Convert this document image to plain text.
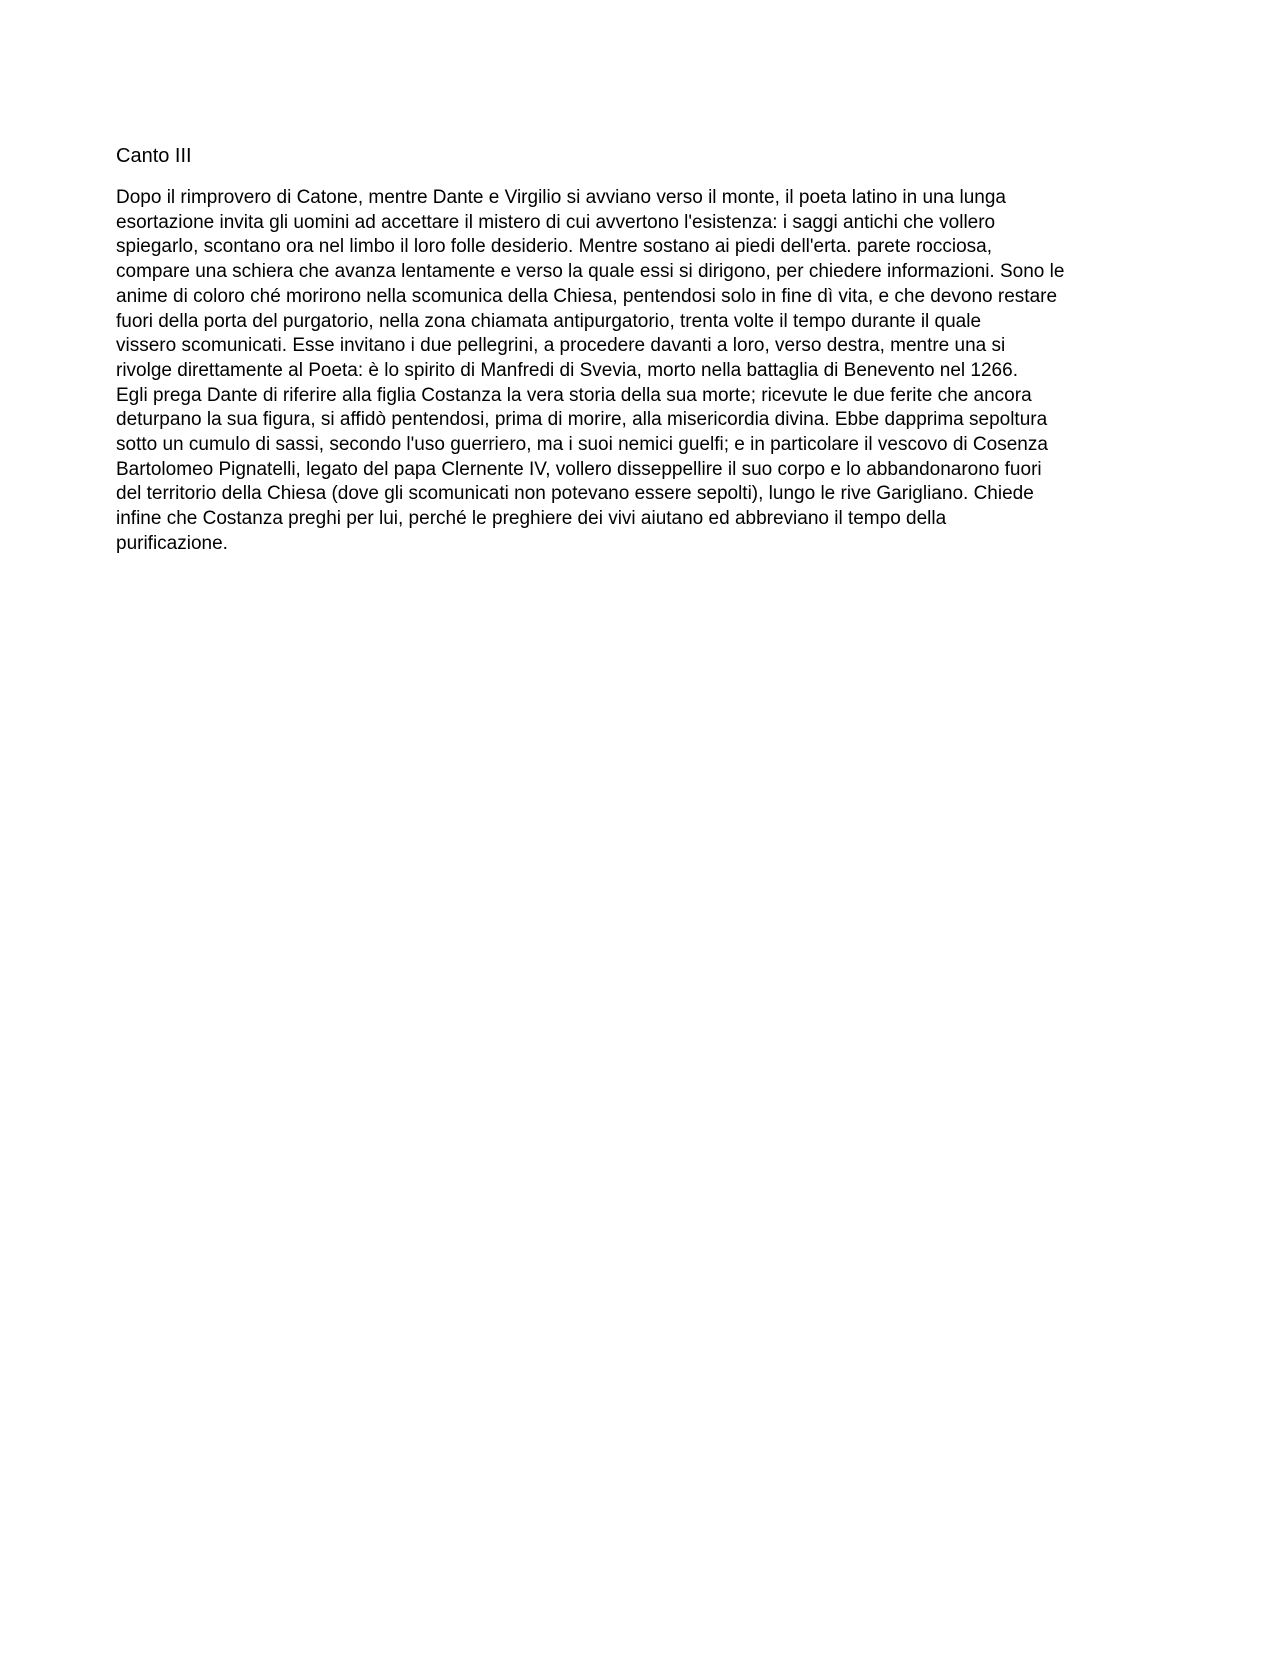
Canto III
Dopo il rimprovero di Catone, mentre Dante e Virgilio si avviano verso il monte, il poeta latino in una lunga
esortazione invita gli uomini ad accettare il mistero di cui avvertono l'esistenza: i saggi antichi che vollero
spiegarlo, scontano ora nel limbo il loro folle desiderio. Mentre sostano ai piedi dell'erta. parete rocciosa,
compare una schiera che avanza lentamente e verso la quale essi si dirigono, per chiedere informazioni. Sono le
anime di coloro ché morirono nella scomunica della Chiesa, pentendosi solo in fine dì vita, e che devono restare
fuori della porta del purgatorio, nella zona chiamata antipurgatorio, trenta volte il tempo durante il quale
vissero scomunicati. Esse invitano i due pellegrini, a procedere davanti a loro, verso destra, mentre una si
rivolge direttamente al Poeta: è lo spirito di Manfredi di Svevia, morto nella battaglia di Benevento nel 1266.
Egli prega Dante di riferire alla figlia Costanza la vera storia della sua morte; ricevute le due ferite che ancora
deturpano la sua figura, si affidò pentendosi, prima di morire, alla misericordia divina. Ebbe dapprima sepoltura
sotto un cumulo di sassi, secondo l'uso guerriero, ma i suoi nemici guelfi; e in particolare il vescovo di Cosenza
Bartolomeo Pignatelli, legato del papa Clernente IV, vollero disseppellire il suo corpo e lo abbandonarono fuori
del territorio della Chiesa (dove gli scomunicati non potevano essere sepolti), lungo le rive Garigliano. Chiede
infine che Costanza preghi per lui, perché le preghiere dei vivi aiutano ed abbreviano il tempo della
purificazione.
